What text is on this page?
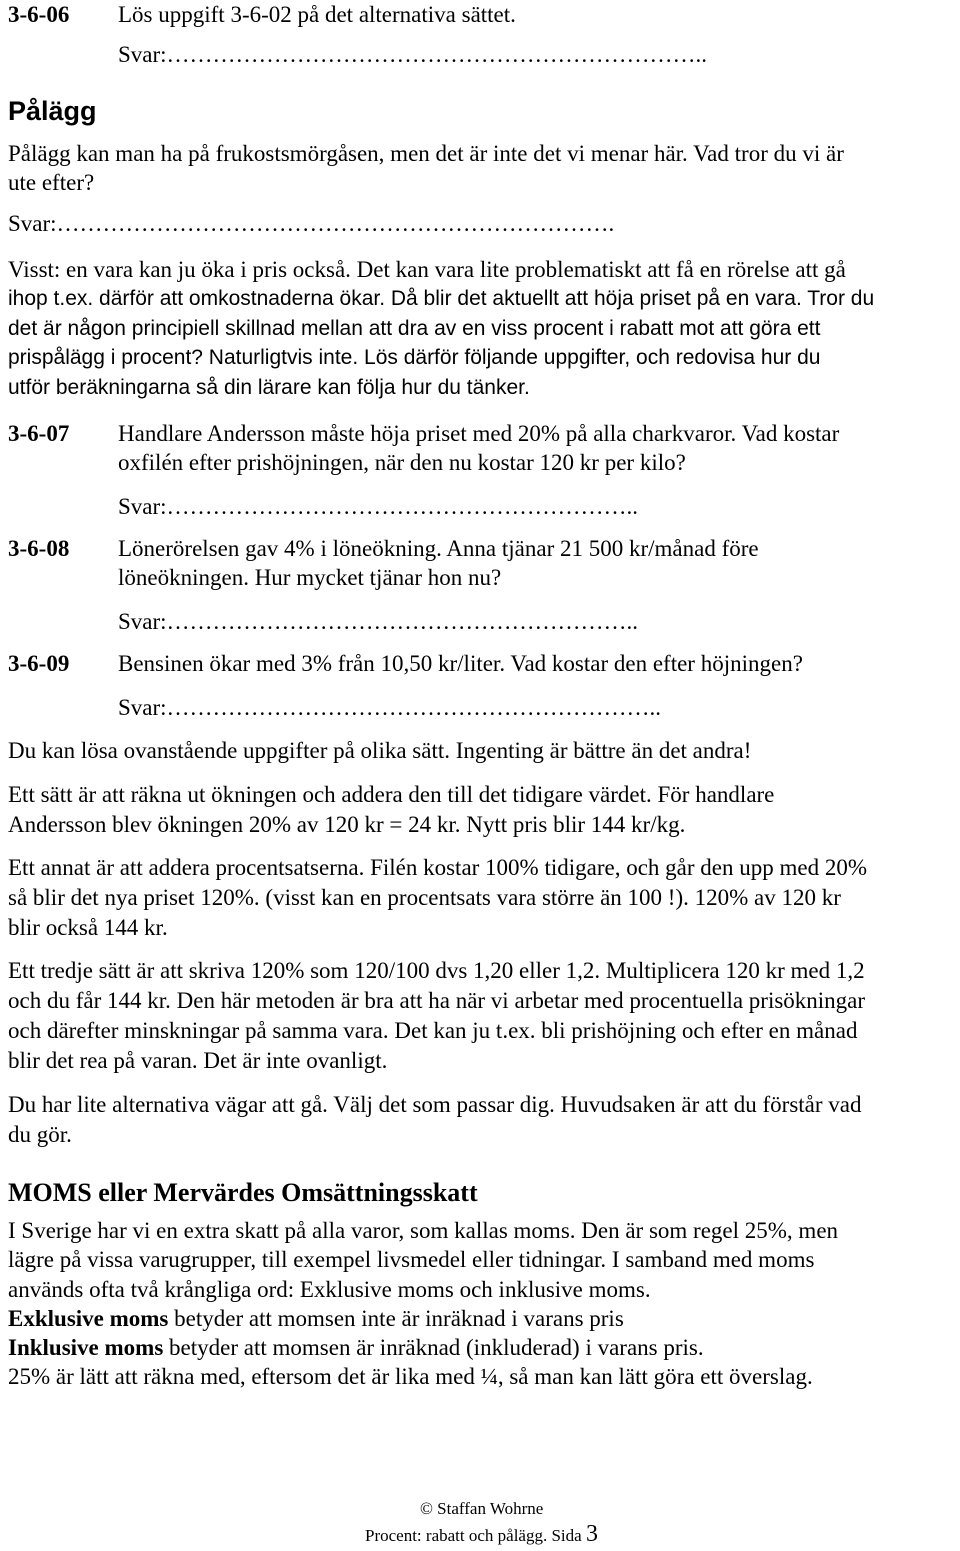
3-6-06 Lös uppgift 3-6-02 på det alternativa sättet.
Svar:……………………………………………………………..
Pålägg
Pålägg kan man ha på frukostsmörgåsen, men det är inte det vi menar här. Vad tror du vi är
ute efter?
Svar:……………………………………………………………….
Visst: en vara kan ju öka i pris också. Det kan vara lite problematiskt att få en rörelse att gå
ihop t.ex. därför att omkostnaderna ökar. Då blir det aktuellt att höja priset på en vara. Tror du
det är någon principiell skillnad mellan att dra av en viss procent i rabatt mot att göra ett
prispålägg i procent? Naturligtvis inte. Lös därför följande uppgifter, och redovisa hur du
utför beräkningarna så din lärare kan följa hur du tänker.
3-6-07 Handlare Andersson måste höja priset med 20% på alla charkvaror. Vad kostar
oxfilén efter prishöjningen, när den nu kostar 120 kr per kilo?
Svar:……………………………………………………..
3-6-08 Lönerörelsen gav 4% i löneökning. Anna tjänar 21 500 kr/månad före
löneökningen. Hur mycket tjänar hon nu?
Svar:……………………………………………………..
3-6-09 Bensinen ökar med 3% från 10,50 kr/liter. Vad kostar den efter höjningen?
Svar:………………………………………………………..
Du kan lösa ovanstående uppgifter på olika sätt. Ingenting är bättre än det andra!
Ett sätt är att räkna ut ökningen och addera den till det tidigare värdet. För handlare
Andersson blev ökningen 20% av 120 kr = 24 kr. Nytt pris blir 144 kr/kg.
Ett annat är att addera procentsatserna. Filén kostar 100% tidigare, och går den upp med 20%
så blir det nya priset 120%. (visst kan en procentsats vara större än 100 !). 120% av 120 kr
blir också 144 kr.
Ett tredje sätt är att skriva 120% som 120/100 dvs 1,20 eller 1,2. Multiplicera 120 kr med 1,2
och du får 144 kr. Den här metoden är bra att ha när vi arbetar med procentuella prisökningar
och därefter minskningar på samma vara. Det kan ju t.ex. bli prishöjning och efter en månad
blir det rea på varan. Det är inte ovanligt.
Du har lite alternativa vägar att gå. Välj det som passar dig. Huvudsaken är att du förstår vad
du gör.
MOMS eller Mervärdes Omsättningsskatt
I Sverige har vi en extra skatt på alla varor, som kallas moms. Den är som regel 25%, men
lägre på vissa varugrupper, till exempel livsmedel eller tidningar. I samband med moms
används ofta två krångliga ord: Exklusive moms och inklusive moms.
Exklusive moms betyder att momsen inte är inräknad i varans pris
Inklusive moms betyder att momsen är inräknad (inkluderad) i varans pris.
25% är lätt att räkna med, eftersom det är lika med ¼, så man kan lätt göra ett överslag.
© Staffan Wohrne
Procent: rabatt och pålägg. Sida 3
